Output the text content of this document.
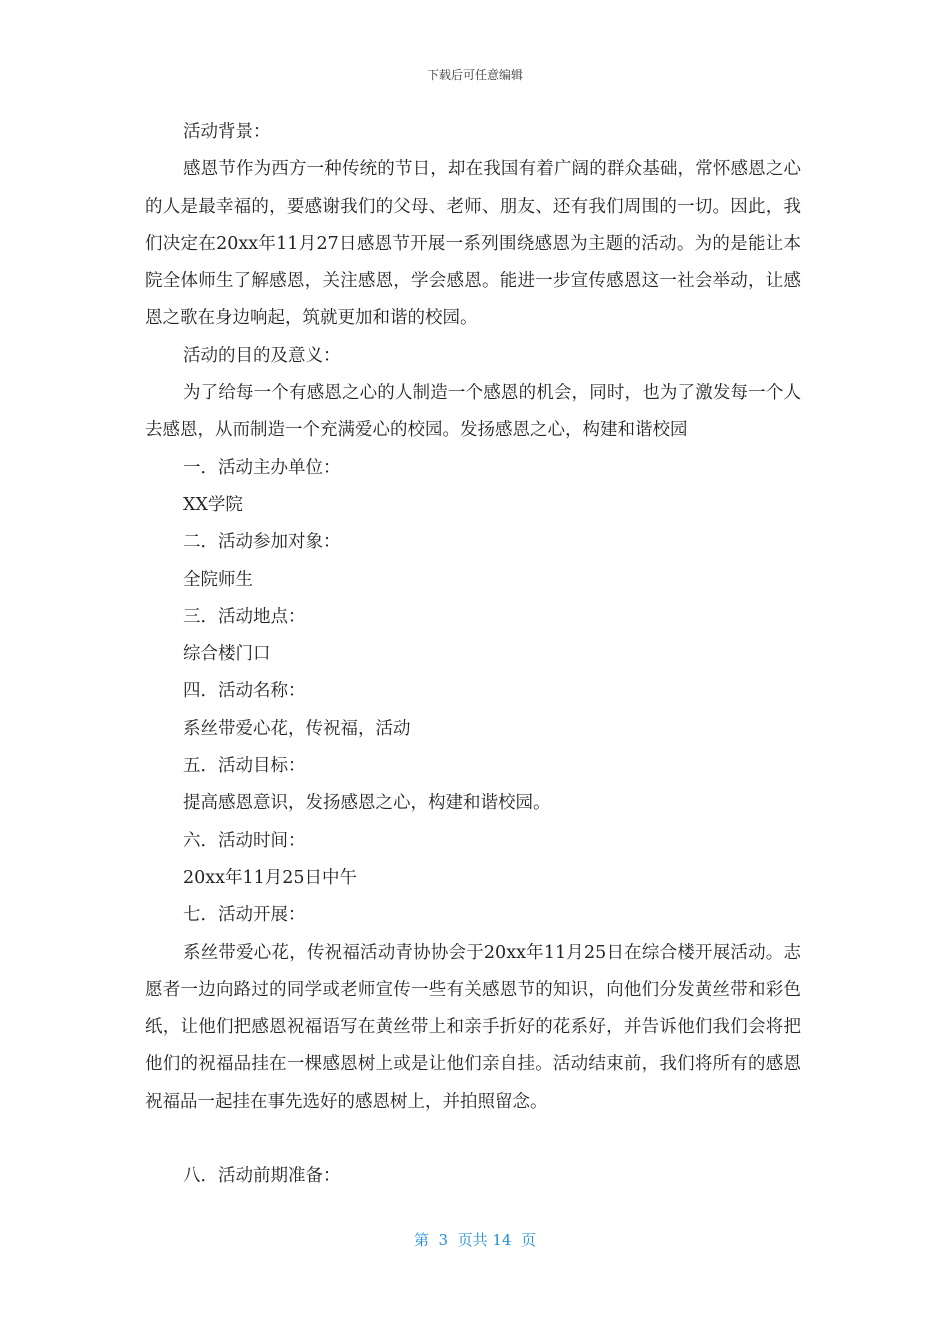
下载后可任意编辑

活动背景：

感恩节作为西方一种传统的节日，却在我国有着广阔的群众基础，常怀感恩之心的人是最幸福的，要感谢我们的父母、老师、朋友、还有我们周围的一切。因此，我们决定在20xx年11月27日感恩节开展一系列围绕感恩为主题的活动。为的是能让本院全体师生了解感恩，关注感恩，学会感恩。能进一步宣传感恩这一社会举动，让感恩之歌在身边响起，筑就更加和谐的校园。

活动的目的及意义：

为了给每一个有感恩之心的人制造一个感恩的机会，同时，也为了激发每一个人去感恩，从而制造一个充满爱心的校园。发扬感恩之心，构建和谐校园

一．活动主办单位：

XX学院

二．活动参加对象：

全院师生

三．活动地点：

综合楼门口

四．活动名称：

系丝带爱心花，传祝福，活动

五．活动目标：

提高感恩意识，发扬感恩之心，构建和谐校园。

六．活动时间：

20xx年11月25日中午

七．活动开展：

系丝带爱心花，传祝福活动青协协会于20xx年11月25日在综合楼开展活动。志愿者一边向路过的同学或老师宣传一些有关感恩节的知识，向他们分发黄丝带和彩色纸，让他们把感恩祝福语写在黄丝带上和亲手折好的花系好，并告诉他们我们会将把他们的祝福品挂在一棵感恩树上或是让他们亲自挂。活动结束前，我们将所有的感恩祝福品一起挂在事先选好的感恩树上，并拍照留念。

八．活动前期准备：

第  3  页共 14  页
